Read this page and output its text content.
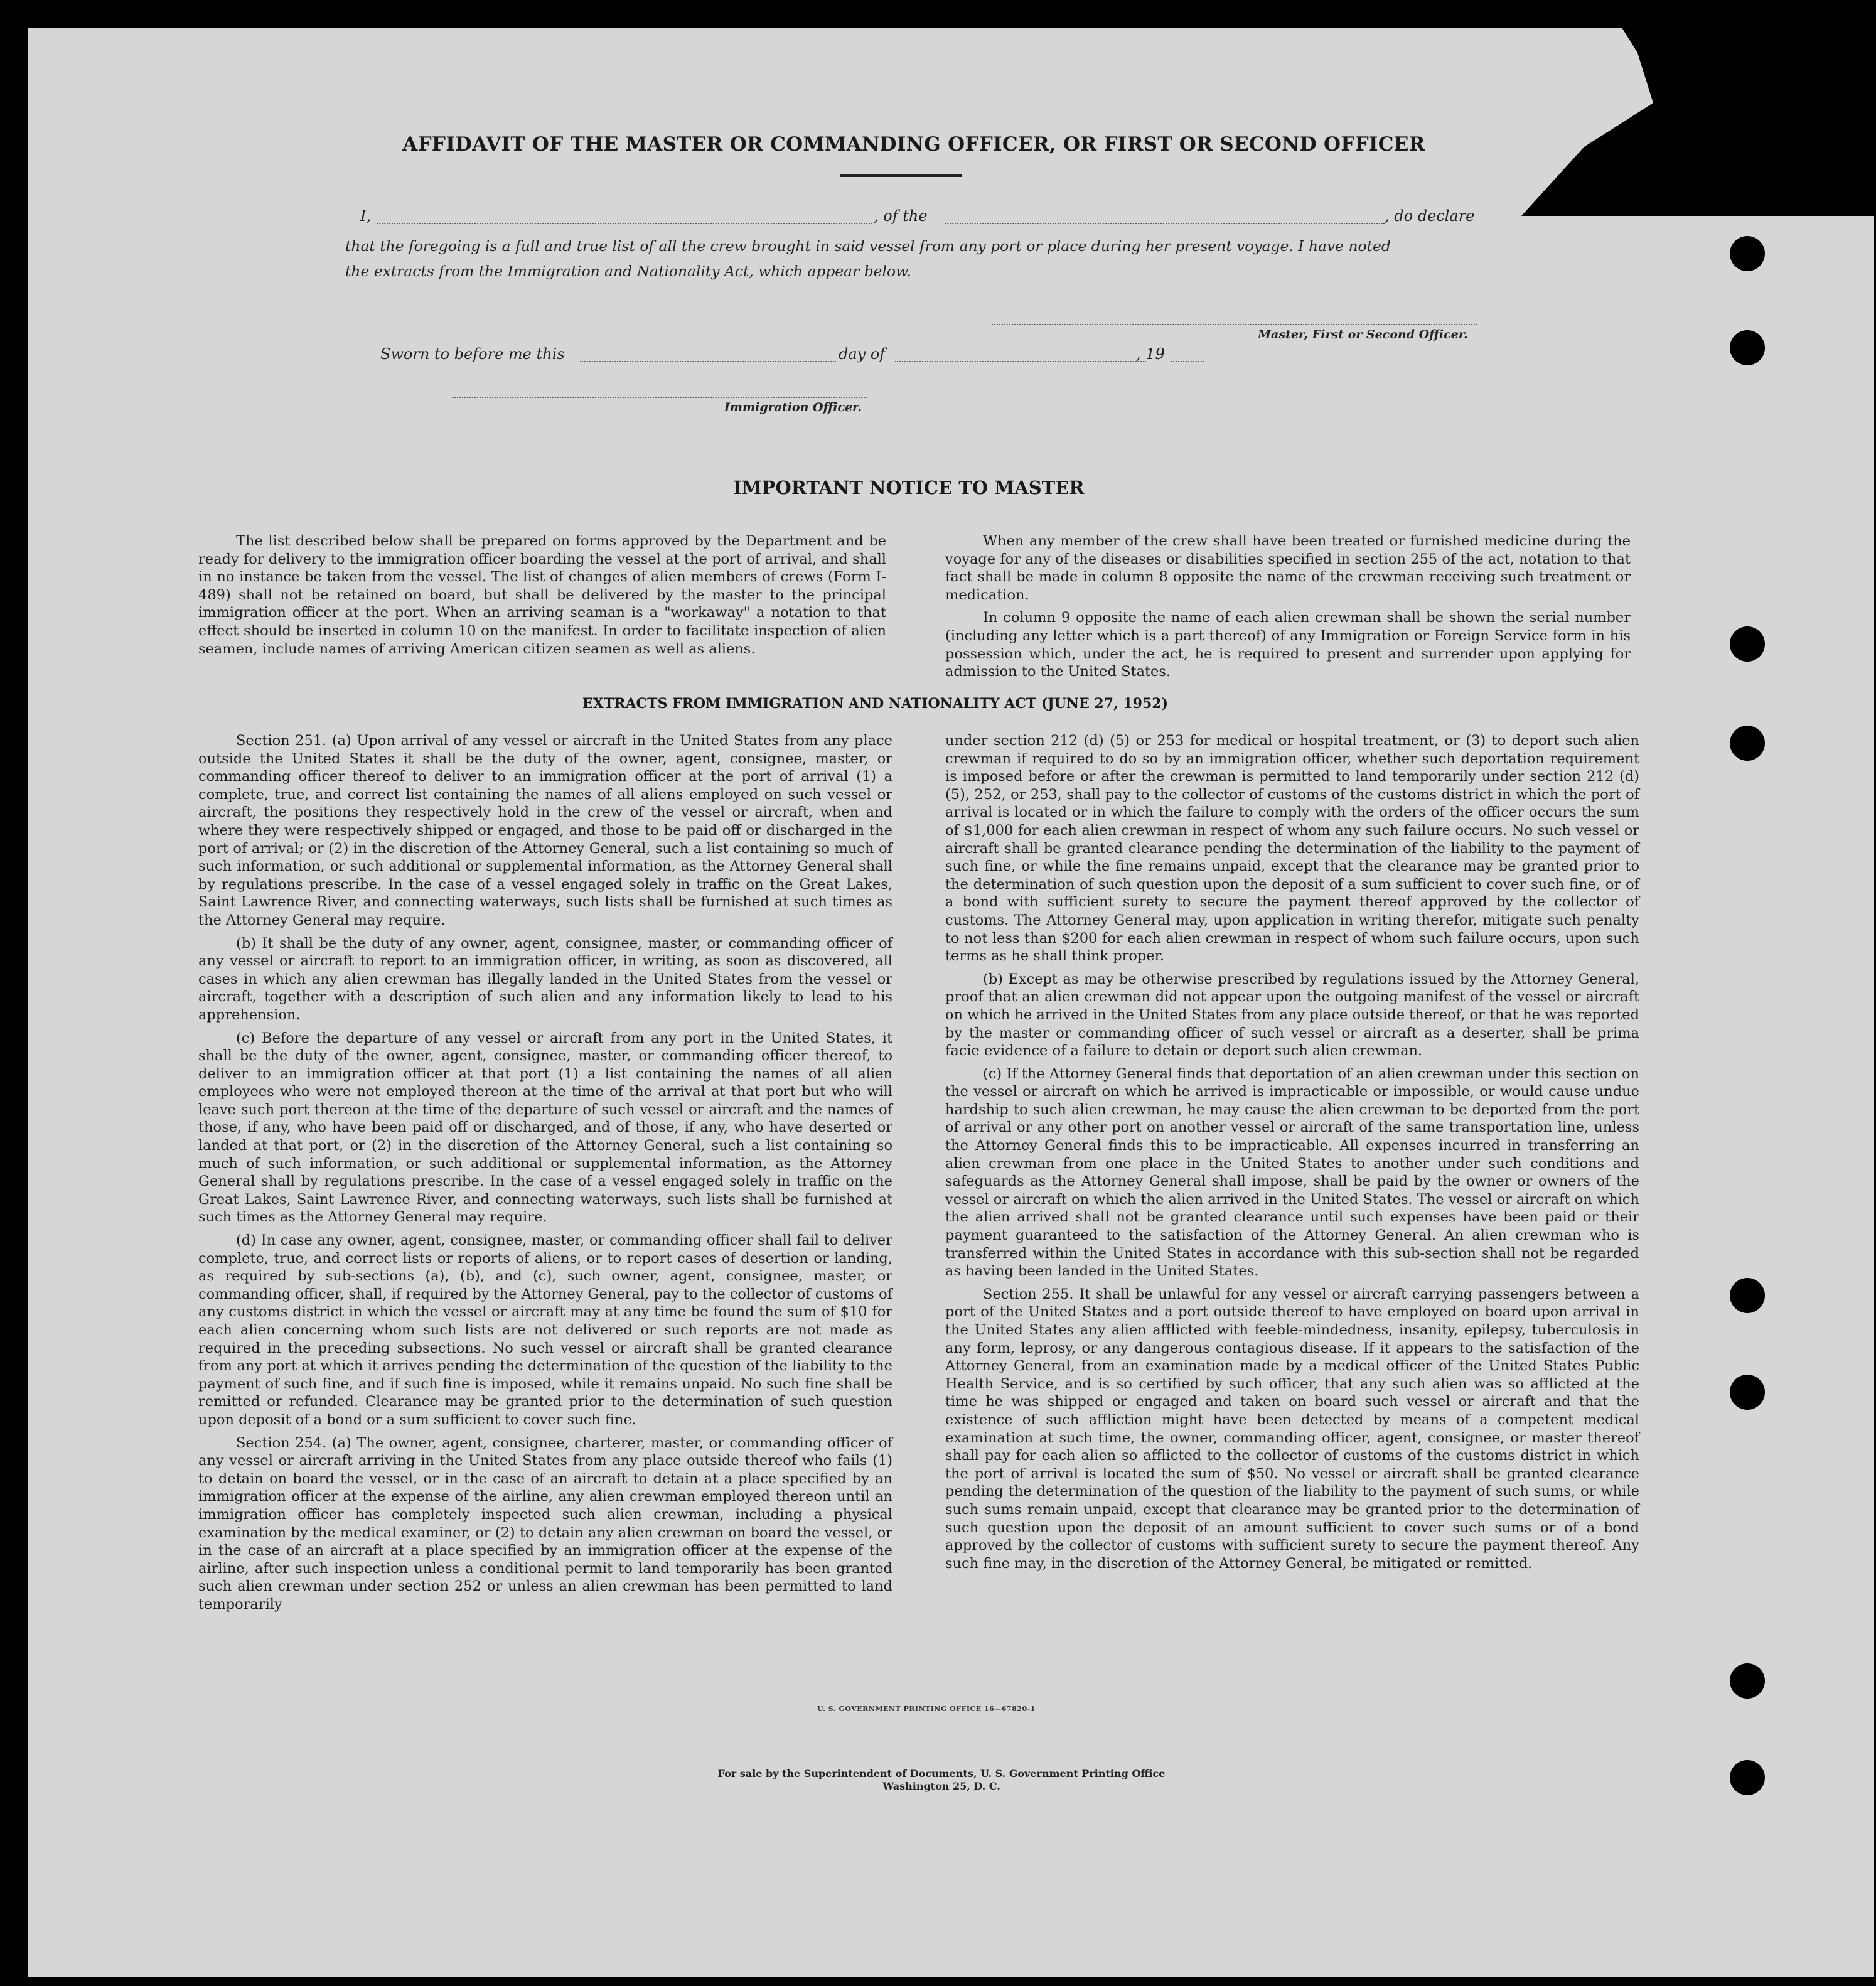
AFFIDAVIT OF THE MASTER OR COMMANDING OFFICER, OR FIRST OR SECOND OFFICER
I,	, of the	, do declare
that the foregoing is a full and true list of all the crew brought in said vessel from any port or place during her present voyage. I have noted
the extracts from the Immigration and Nationality Act, which appear below.
Master, First or Second Officer.
Sworn to before me this	day of	, 19
Immigration Officer.
IMPORTANT NOTICE TO MASTER

The list described below shall be prepared on forms approved by the Department and be ready for delivery to the immigration officer boarding the vessel at the port of arrival, and shall in no instance be taken from the vessel. The list of changes of alien members of crews (Form I-489) shall not be retained on board, but shall be delivered by the master to the principal immigration officer at the port. When an arriving seaman is a "workaway" a notation to that effect should be inserted in column 10 on the manifest. In order to facilitate inspection of alien seamen, include names of arriving American citizen seamen as well as aliens.

When any member of the crew shall have been treated or furnished medicine during the voyage for any of the diseases or disabilities specified in section 255 of the act, notation to that fact shall be made in column 8 opposite the name of the crewman receiving such treatment or medication.

In column 9 opposite the name of each alien crewman shall be shown the serial number (including any letter which is a part thereof) of any Immigration or Foreign Service form in his possession which, under the act, he is required to present and surrender upon applying for admission to the United States.

EXTRACTS FROM IMMIGRATION AND NATIONALITY ACT (JUNE 27, 1952)

Section 251. (a) Upon arrival of any vessel or aircraft in the United States from any place outside the United States it shall be the duty of the owner, agent, consignee, master, or commanding officer thereof to deliver to an immigration officer at the port of arrival (1) a complete, true, and correct list containing the names of all aliens employed on such vessel or aircraft, the positions they respectively hold in the crew of the vessel or aircraft, when and where they were respectively shipped or engaged, and those to be paid off or discharged in the port of arrival; or (2) in the discretion of the Attorney General, such a list containing so much of such information, or such additional or supplemental information, as the Attorney General shall by regulations prescribe. In the case of a vessel engaged solely in traffic on the Great Lakes, Saint Lawrence River, and connecting waterways, such lists shall be furnished at such times as the Attorney General may require.

(b) It shall be the duty of any owner, agent, consignee, master, or commanding officer of any vessel or aircraft to report to an immigration officer, in writing, as soon as discovered, all cases in which any alien crewman has illegally landed in the United States from the vessel or aircraft, together with a description of such alien and any information likely to lead to his apprehension.

(c) Before the departure of any vessel or aircraft from any port in the United States, it shall be the duty of the owner, agent, consignee, master, or commanding officer thereof, to deliver to an immigration officer at that port (1) a list containing the names of all alien employees who were not employed thereon at the time of the arrival at that port but who will leave such port thereon at the time of the departure of such vessel or aircraft and the names of those, if any, who have been paid off or discharged, and of those, if any, who have deserted or landed at that port, or (2) in the discretion of the Attorney General, such a list containing so much of such information, or such additional or supplemental information, as the Attorney General shall by regulations prescribe. In the case of a vessel engaged solely in traffic on the Great Lakes, Saint Lawrence River, and connecting waterways, such lists shall be furnished at such times as the Attorney General may require.

(d) In case any owner, agent, consignee, master, or commanding officer shall fail to deliver complete, true, and correct lists or reports of aliens, or to report cases of desertion or landing, as required by sub-sections (a), (b), and (c), such owner, agent, consignee, master, or commanding officer, shall, if required by the Attorney General, pay to the collector of customs of any customs district in which the vessel or aircraft may at any time be found the sum of $10 for each alien concerning whom such lists are not delivered or such reports are not made as required in the preceding subsections. No such vessel or aircraft shall be granted clearance from any port at which it arrives pending the determination of the question of the liability to the payment of such fine, and if such fine is imposed, while it remains unpaid. No such fine shall be remitted or refunded. Clearance may be granted prior to the determination of such question upon deposit of a bond or a sum sufficient to cover such fine.

Section 254. (a) The owner, agent, consignee, charterer, master, or commanding officer of any vessel or aircraft arriving in the United States from any place outside thereof who fails (1) to detain on board the vessel, or in the case of an aircraft to detain at a place specified by an immigration officer at the expense of the airline, any alien crewman employed thereon until an immigration officer has completely inspected such alien crewman, including a physical examination by the medical examiner, or (2) to detain any alien crewman on board the vessel, or in the case of an aircraft at a place specified by an immigration officer at the expense of the airline, after such inspection unless a conditional permit to land temporarily has been granted such alien crewman under section 252 or unless an alien crewman has been permitted to land temporarily

under section 212 (d) (5) or 253 for medical or hospital treatment, or (3) to deport such alien crewman if required to do so by an immigration officer, whether such deportation requirement is imposed before or after the crewman is permitted to land temporarily under section 212 (d) (5), 252, or 253, shall pay to the collector of customs of the customs district in which the port of arrival is located or in which the failure to comply with the orders of the officer occurs the sum of $1,000 for each alien crewman in respect of whom any such failure occurs. No such vessel or aircraft shall be granted clearance pending the determination of the liability to the payment of such fine, or while the fine remains unpaid, except that the clearance may be granted prior to the determination of such question upon the deposit of a sum sufficient to cover such fine, or of a bond with sufficient surety to secure the payment thereof approved by the collector of customs. The Attorney General may, upon application in writing therefor, mitigate such penalty to not less than $200 for each alien crewman in respect of whom such failure occurs, upon such terms as he shall think proper.

(b) Except as may be otherwise prescribed by regulations issued by the Attorney General, proof that an alien crewman did not appear upon the outgoing manifest of the vessel or aircraft on which he arrived in the United States from any place outside thereof, or that he was reported by the master or commanding officer of such vessel or aircraft as a deserter, shall be prima facie evidence of a failure to detain or deport such alien crewman.

(c) If the Attorney General finds that deportation of an alien crewman under this section on the vessel or aircraft on which he arrived is impracticable or impossible, or would cause undue hardship to such alien crewman, he may cause the alien crewman to be deported from the port of arrival or any other port on another vessel or aircraft of the same transportation line, unless the Attorney General finds this to be impracticable. All expenses incurred in transferring an alien crewman from one place in the United States to another under such conditions and safeguards as the Attorney General shall impose, shall be paid by the owner or owners of the vessel or aircraft on which the alien arrived in the United States. The vessel or aircraft on which the alien arrived shall not be granted clearance until such expenses have been paid or their payment guaranteed to the satisfaction of the Attorney General. An alien crewman who is transferred within the United States in accordance with this sub-section shall not be regarded as having been landed in the United States.

Section 255. It shall be unlawful for any vessel or aircraft carrying passengers between a port of the United States and a port outside thereof to have employed on board upon arrival in the United States any alien afflicted with feeble-mindedness, insanity, epilepsy, tuberculosis in any form, leprosy, or any dangerous contagious disease. If it appears to the satisfaction of the Attorney General, from an examination made by a medical officer of the United States Public Health Service, and is so certified by such officer, that any such alien was so afflicted at the time he was shipped or engaged and taken on board such vessel or aircraft and that the existence of such affliction might have been detected by means of a competent medical examination at such time, the owner, commanding officer, agent, consignee, or master thereof shall pay for each alien so afflicted to the collector of customs of the customs district in which the port of arrival is located the sum of $50. No vessel or aircraft shall be granted clearance pending the determination of the question of the liability to the payment of such sums, or while such sums remain unpaid, except that clearance may be granted prior to the determination of such question upon the deposit of an amount sufficient to cover such sums or of a bond approved by the collector of customs with sufficient surety to secure the payment thereof. Any such fine may, in the discretion of the Attorney General, be mitigated or remitted.

U. S. GOVERNMENT PRINTING OFFICE 16—67820-1
For sale by the Superintendent of Documents, U. S. Government Printing Office
Washington 25, D. C.
